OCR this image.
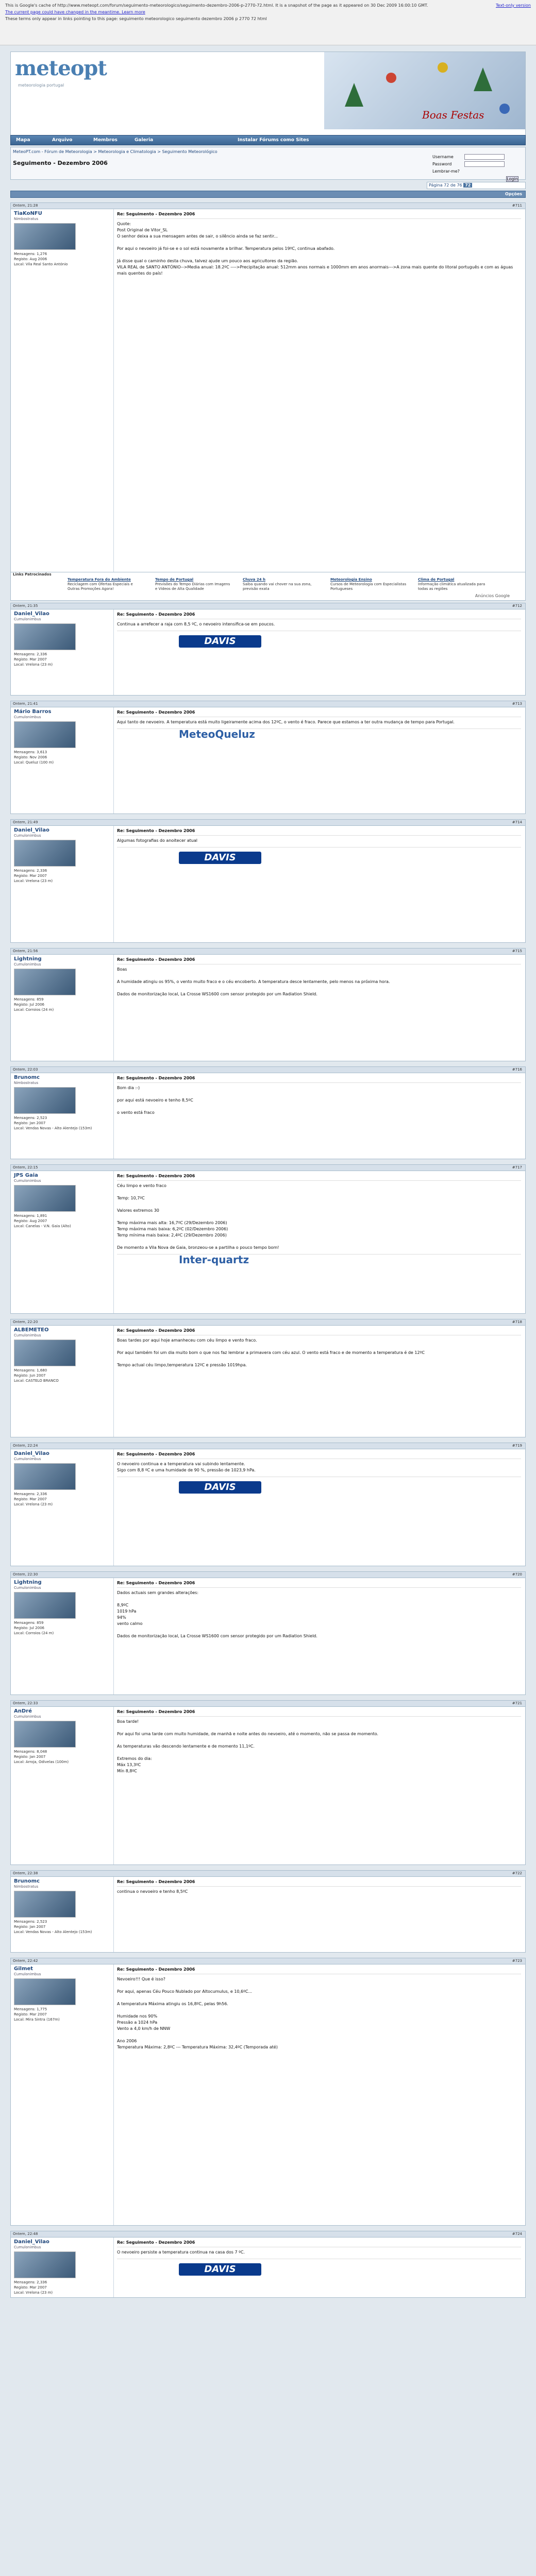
This is Google's cache of http://www.meteopt.com/forum/seguimento-meteorologico/seguimento-dezembro-2006-p-2770-72.html. It is a snapshot of the page as it appeared on 30 Dec 2009 16:00:10 GMT.
The current page could have changed in the meantime. Learn more
These terms only appear in links pointing to this page: seguimento meteorologico seguimento dezembro 2006 p 2770 72 html
Text-only version
meteopt
meteorologia portugal
Boas Festas
Mapa	Arquivo	Membros	Galeria	Instalar Fórums como Sites
MeteoPT.com - Fórum de Meteorologia > Meteorologia e Climatologia > Seguimento Meteorológico
Seguimento - Dezembro 2006
Username
Password
Lembrar-me?
Login
Página 72 de 76 72
Opções
Ontem, 21:28	#711
TiaKoNFU
Nimbostratus
Mensagens: 1,276
Registo: Aug 2006
Local: Vila Real Santo António
Re: Seguimento - Dezembro 2006
Quote:
Post Original de Vitor_SL
O senhor deixa a sua mensagem antes de sair, o silêncio ainda se faz sentir...
Por aqui o nevoeiro já foi-se e o sol está novamente a brilhar. Temperatura pelos 19ºC, continua abafado.
Já disse qual o caminho desta chuva, talvez ajude um pouco aos agricultores da região.
VILA REAL de SANTO ANTÓNIO-->Media anual: 18.2ºC ---->Precipitação anual: 512mm anos normais e 1000mm em anos anormais--->A zona mais quente do litoral português e com as águas mais quentes do país!
Ontem, 21:35	#712
Daniel_Vilao
Cumulonimbus
Mensagens: 2,336
Registo: Mar 2007
Local: Vrelona (23 m)
Re: Seguimento - Dezembro 2006
Continua a arrefecer a raja com 8,5 ºC, o nevoeiro intensifica-se em poucos.
DAVIS
Ontem, 21:41	#713
Mário Barros
Cumulonimbus
Mensagens: 3,613
Registo: Nov 2006
Local: Queluz (100 m)
Re: Seguimento - Dezembro 2006
Aqui tanto de nevoeiro. A temperatura está muito ligeiramente acima dos 12ºC, o vento é fraco. Parece que estamos a ter outra mudança de tempo para Portugal.
MeteoQueluz
Ontem, 21:49	#714
Daniel_Vilao
Cumulonimbus
Mensagens: 2,336
Registo: Mar 2007
Local: Vrelona (23 m)
Re: Seguimento - Dezembro 2006
Algumas fotografias do anoitecer atual
DAVIS
Ontem, 21:56	#715
Lightning
Cumulonimbus
Mensagens: 859
Registo: Jul 2006
Local: Corroios (24 m)
Re: Seguimento - Dezembro 2006
Boas
A humidade atingiu os 95%, o vento muito fraco e o céu encoberto. A temperatura desce lentamente, pelo menos na próxima hora.
Dados de monitorização local, La Crosse WS1600 com sensor protegido por um Radiation Shield.
Ontem, 22:03	#716
Brunomc
Nimbostratus
Mensagens: 2,523
Registo: Jan 2007
Local: Vendas Novas - Alto Alentejo (153m)
Re: Seguimento - Dezembro 2006
Bom dia :-)
por aqui está nevoeiro e tenho 8,5ºC
o vento está fraco
Ontem, 22:15	#717
JPS Gaia
Cumulonimbus
Mensagens: 1,891
Registo: Aug 2007
Local: Canelas - V.N. Gaia (Alto)
Re: Seguimento - Dezembro 2006
Céu limpo e vento fraco
Temp: 10,7ºC
Valores extremos 30
Temp máxima mais alta: 16,7ºC (29/Dezembro 2006)
Temp máxima mais baixa: 6,2ºC (02/Dezembro 2006)
Temp mínima mais baixa: 2,4ºC (29/Dezembro 2006)
De momento a Vila Nova de Gaia, bronzeou-se a partilha o pouco tempo bom!
Inter-quartz
Ontem, 22:20	#718
ALBEMETEO
Cumulonimbus
Mensagens: 1,680
Registo: Jun 2007
Local: CASTELO BRANCO
Re: Seguimento - Dezembro 2006
Boas tardes por aqui hoje amanheceu com céu limpo e vento fraco.
Por aqui também foi um dia muito bom o que nos faz lembrar a primavera com céu azul. O vento está fraco e de momento a temperatura é de 12ºC
Tempo actual céu limpo,temperatura 12ºC e pressão 1019hpa.
Ontem, 22:24	#719
Daniel_Vilao
Cumulonimbus
Mensagens: 2,336
Registo: Mar 2007
Local: Vrelona (23 m)
Re: Seguimento - Dezembro 2006
O nevoeiro continua e a temperatura vai subindo lentamente.
Sigo com 8,8 ºC e uma humidade de 90 %, pressão de 1023,9 hPa.
DAVIS
Ontem, 22:30	#720
Lightning
Cumulonimbus
Mensagens: 859
Registo: Jul 2006
Local: Corroios (24 m)
Re: Seguimento - Dezembro 2006
Dados actuais sem grandes alterações:
8,9ºC
1019 hPa
94%
vento calmo
Dados de monitorização local, La Crosse WS1600 com sensor protegido por um Radiation Shield.
Ontem, 22:33	#721
AnDré
Cumulonimbus
Mensagens: 8,048
Registo: Jan 2007
Local: Arroja, Odivelas (100m)
Re: Seguimento - Dezembro 2006
Boa tarde!
Por aqui foi uma tarde com muito humidade, de manhã e noite antes do nevoeiro, até o momento, não se passa de momento.
As temperaturas vão descendo lentamente e de momento 11,1ºC.
Extremos do dia:
Máx 13,3ºC
Mín 8,8ºC
Ontem, 22:38	#722
Brunomc
Nimbostratus
Mensagens: 2,523
Registo: Jan 2007
Local: Vendas Novas - Alto Alentejo (153m)
Re: Seguimento - Dezembro 2006
continua o nevoeiro e tenho 8,5ºC
Ontem, 22:42	#723
Gilmet
Cumulonimbus
Mensagens: 1,775
Registo: Mar 2007
Local: Mira Sintra (167m)
Re: Seguimento - Dezembro 2006
Nevoeiro!!! Que é isso?
Por aqui, apenas Céu Pouco Nublado por Altocumulus, e 10,6ºC...
A temperatura Máxima atingiu os 16,8ºC, pelas 9h56.
Humidade nos 90%
Pressão a 1024 hPa
Vento a 4,0 km/h de NNW
Ano 2006
Temperatura Máxima: 2,8ºC --- Temperatura Máxima: 32,4ºC (Temporada até)
Ontem, 22:48	#724
Daniel_Vilao
Cumulonimbus
Mensagens: 2,336
Registo: Mar 2007
Local: Vrelona (23 m)
Re: Seguimento - Dezembro 2006
O nevoeiro persiste a temperatura continua na casa dos 7 ºC.
DAVIS
Links Patrocinados
Temperatura Fora do Ambiente
Reciclagem com Ofertas Especiais e Outras Promoções Agora!
Tempo de Portugal
Previsões do Tempo Diárias com Imagens e Vídeos de Alta Qualidade
Chuva 24 h
Saiba quando vai chover na sua zona, previsão exata
Meteorologia Ensino
Cursos de Meteorologia com Especialistas Portugueses
Clima de Portugal
Informação climática atualizada para todas as regiões
Anúncios Google
